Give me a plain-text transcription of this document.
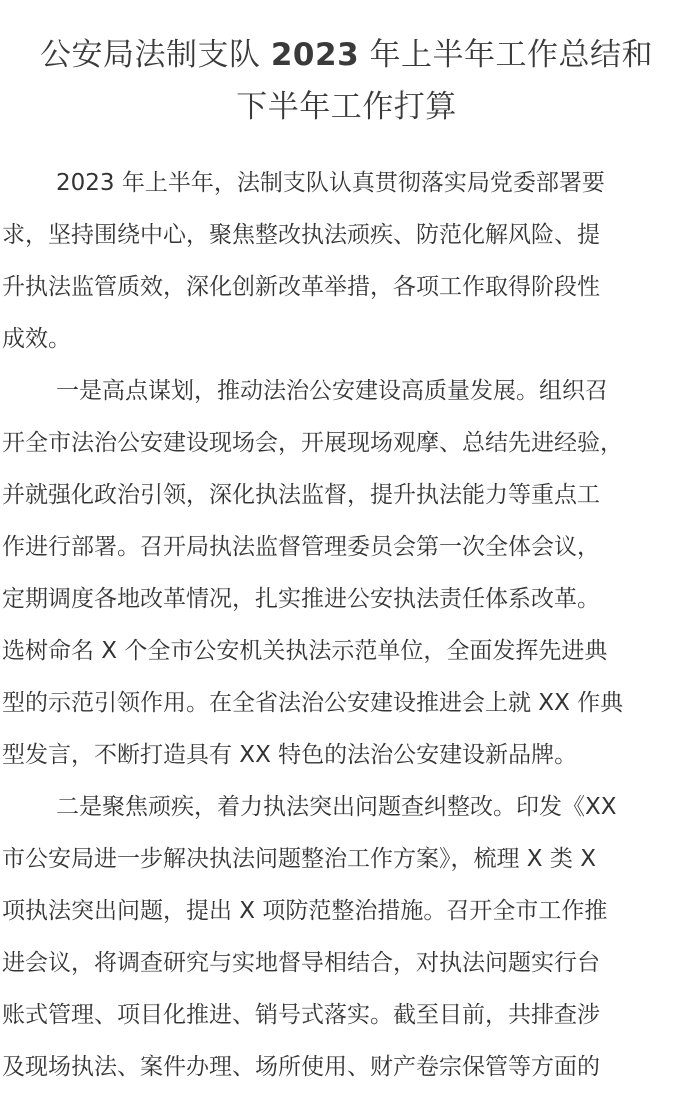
公安局法制支队 2023 年上半年工作总结和
下半年工作打算
2023 年上半年，法制支队认真贯彻落实局党委部署要
求，坚持围绕中心，聚焦整改执法顽疾、防范化解风险、提
升执法监管质效，深化创新改革举措，各项工作取得阶段性
成效。
一是高点谋划，推动法治公安建设高质量发展。组织召
开全市法治公安建设现场会，开展现场观摩、总结先进经验，
并就强化政治引领，深化执法监督，提升执法能力等重点工
作进行部署。召开局执法监督管理委员会第一次全体会议，
定期调度各地改革情况，扎实推进公安执法责任体系改革。
选树命名 X 个全市公安机关执法示范单位，全面发挥先进典
型的示范引领作用。在全省法治公安建设推进会上就 XX 作典
型发言，不断打造具有 XX 特色的法治公安建设新品牌。
二是聚焦顽疾，着力执法突出问题查纠整改。印发《XX
市公安局进一步解决执法问题整治工作方案》，梳理 X 类 X
项执法突出问题，提出 X 项防范整治措施。召开全市工作推
进会议，将调查研究与实地督导相结合，对执法问题实行台
账式管理、项目化推进、销号式落实。截至目前，共排查涉
及现场执法、案件办理、场所使用、财产卷宗保管等方面的
